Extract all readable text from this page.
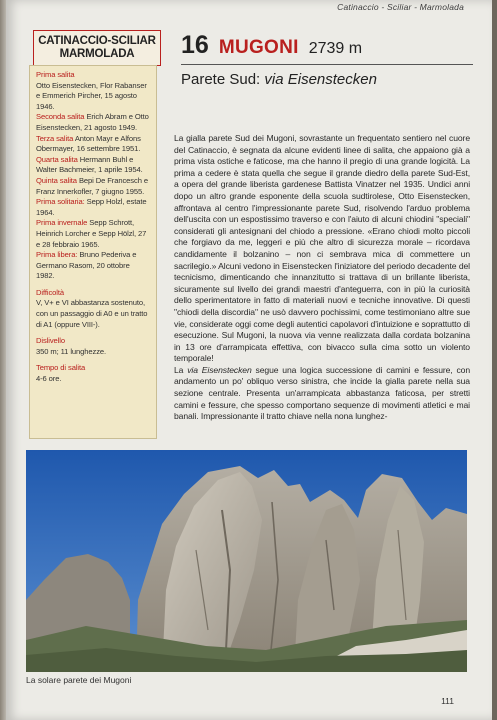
Catinaccio - Sciliar - Marmolada
CATINACCIO-SCILIAR
MARMOLADA 16 MUGONI 2739 m
Parete Sud: via Eisenstecken
Prima salita
Otto Eisenstecken, Flor Rabanser e Emmerich Pircher, 15 agosto 1946.
Seconda salita Erich Abram e Otto Eisenstecken, 21 agosto 1949.
Terza salita Anton Mayr e Alfons Obermayer, 16 settembre 1951.
Quarta salita Hermann Buhl e Walter Bachmeier, 1 aprile 1954.
Quinta salita Bepi De Francesch e Franz Innerkofler, 7 giugno 1955.
Prima solitaria: Sepp Holzl, estate 1964.
Prima invernale Sepp Schrott, Heinrich Lorcher e Sepp Hölzl, 27 e 28 febbraio 1965.
Prima libera: Bruno Pederiva e Germano Rasom, 20 ottobre 1982.
Difficoltà
V, V+ e VI abbastanza sostenuto, con un passaggio di A0 e un tratto di A1 (oppure VIII-).
Dislivello
350 m; 11 lunghezze.
Tempo di salita
4-6 ore.

La gialla parete Sud dei Mugoni, sovrastante un frequentato sentiero nel cuore del Catinaccio, è segnata da alcune evidenti linee di salita, che appaiono già a prima vista ostiche e faticose, ma che hanno il pregio di una grande logicità. La prima a cedere è stata quella che segue il grande diedro della parete Sud-Est, a opera del grande liberista gardenese Battista Vinatzer nel 1935. Undici anni dopo un altro grande esponente della scuola sudtirolese, Otto Eisenstecken, affrontava al centro l'impressionante parete Sud, risolvendo l'arduo problema dell'uscita con un espostissimo traverso e con l'aiuto di alcuni chiodini "speciali" considerati gli antesignani del chiodo a pressione. «Erano chiodi molto piccoli che forgiavo da me, leggeri e più che altro di sicurezza morale – ricordava candidamente il bolzanino – non ci sembrava mica di commettere un sacrilegio.» Alcuni vedono in Eisenstecken l'iniziatore del periodo decadente del tecnicismo, dimenticando che innanzitutto si trattava di un brillante liberista, sicuramente sul livello dei grandi maestri d'anteguerra, con in più la curiosità dello sperimentatore in fatto di materiali nuovi e tecniche innovative. Di questi "chiodi della discordia" ne usò davvero pochissimi, come testimoniano altre sue vie, considerate oggi come degli autentici capolavori d'intuizione e soprattutto di esecuzione. Sul Mugoni, la nuova via venne realizzata dalla cordata bolzanina in 13 ore d'arrampicata effettiva, con bivacco sulla cima sotto un violento temporale!

La via Eisenstecken segue una logica successione di camini e fessure, con andamento un po' obliquo verso sinistra, che incide la gialla parete nella sua sezione centrale. Presenta un'arrampicata abbastanza faticosa, per stretti camini e fessure, che spesso comportano sequenze di movimenti atletici e mai banali. Impressionante il tratto chiave nella nona lunghez-

La solare parete dei Mugoni
111
